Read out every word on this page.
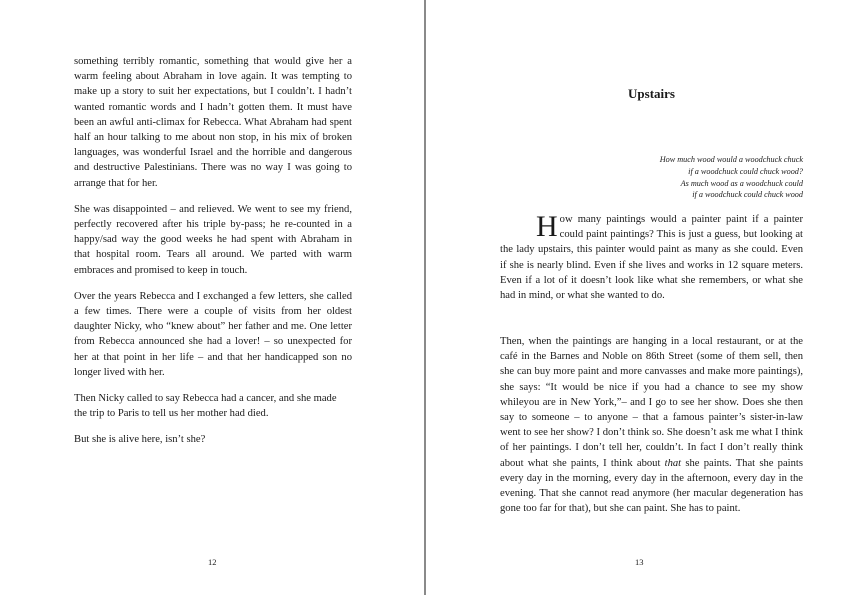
something terribly romantic, something that would give her a warm feeling about Abraham in love again. It was tempting to make up a story to suit her expectations, but I couldn’t. I hadn’t wanted romantic words and I hadn’t gotten them. It must have been an awful anti-climax for Rebecca. What Abraham had spent half an hour talking to me about non stop, in his mix of broken languages, was wonderful Israel and the horrible and dangerous and destructive Palestinians. There was no way I was going to arrange that for her.

She was disappointed – and relieved. We went to see my friend, perfectly recovered after his triple by-pass; he re-counted in a happy/sad way the good weeks he had spent with Abraham in that hospital room. Tears all around. We parted with warm embraces and promised to keep in touch.

Over the years Rebecca and I exchanged a few letters, she called a few times. There were a couple of visits from her oldest daughter Nicky, who “knew about” her father and me. One letter from Rebecca announced she had a lover! – so unexpected for her at that point in her life – and that her handicapped son no longer lived with her.

Then Nicky called to say Rebecca had a cancer, and she made the trip to Paris to tell us her mother had died.

But she is alive here, isn’t she?

12
Upstairs
How much wood would a woodchuck chuck
if a woodchuck could chuck wood?
As much wood as a woodchuck could
if a woodchuck could chuck wood

How many paintings would a painter paint if a painter could paint paintings? This is just a guess, but looking at the lady upstairs, this painter would paint as many as she could. Even if she is nearly blind. Even if she lives and works in 12 square meters. Even if a lot of it doesn’t look like what she remembers, or what she had in mind, or what she wanted to do.

Then, when the paintings are hanging in a local restaurant, or at the café in the Barnes and Noble on 86th Street (some of them sell, then she can buy more paint and more canvasses and make more paintings), she says: “It would be nice if you had a chance to see my show whileyou are in New York,”– and I go to see her show. Does she then say to someone – to anyone – that a famous painter’s sister-in-law went to see her show? I don’t think so. She doesn’t ask me what I think of her paintings. I don’t tell her, couldn’t. In fact I don’t really think about what she paints, I think about that she paints. That she paints every day in the morning, every day in the afternoon, every day in the evening. That she cannot read anymore (her macular degeneration has gone too far for that), but she can paint. She has to paint.

13
